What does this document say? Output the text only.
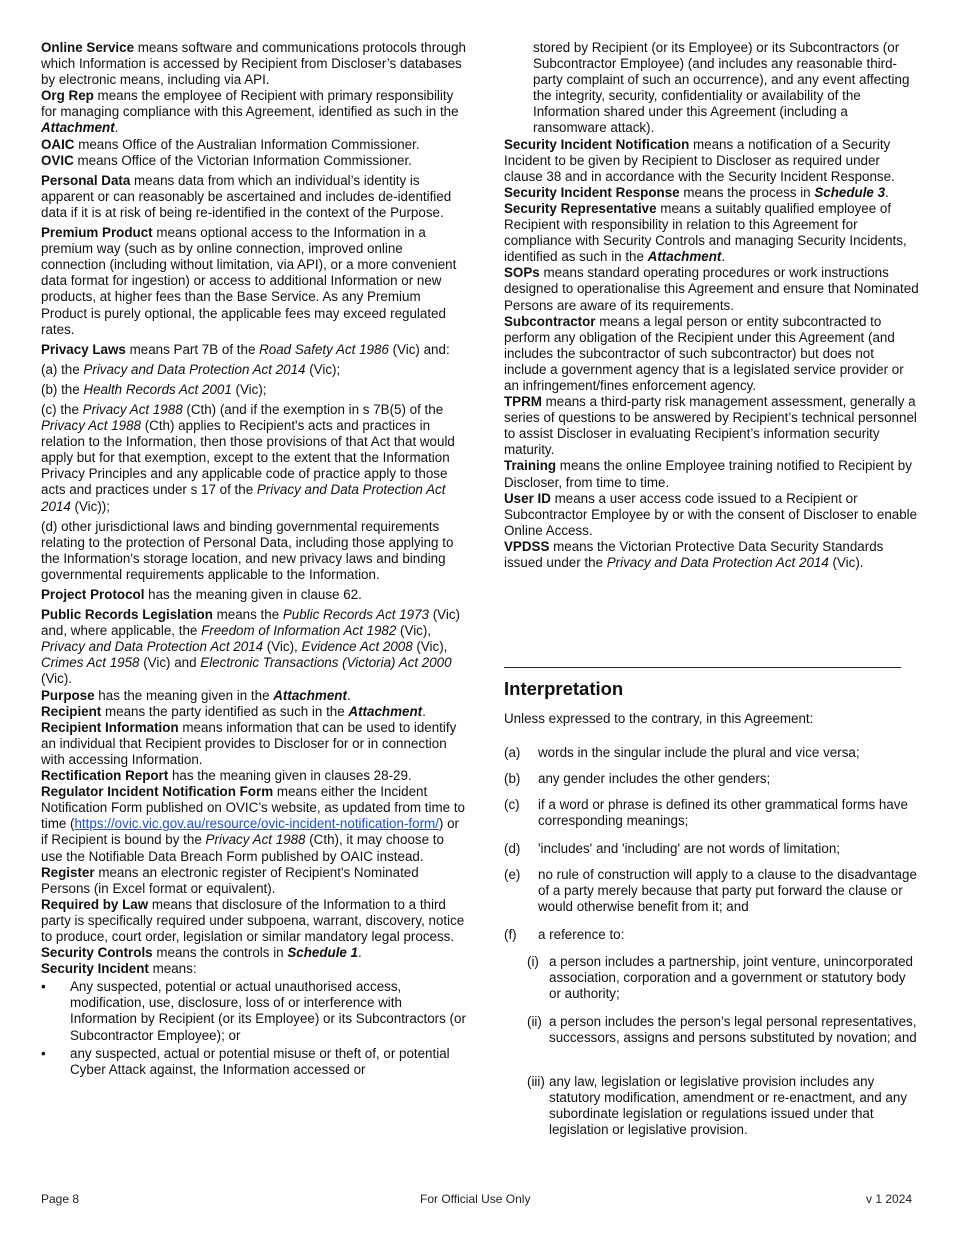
Online Service means software and communications protocols through which Information is accessed by Recipient from Discloser’s databases by electronic means, including via API.

Org Rep means the employee of Recipient with primary responsibility for managing compliance with this Agreement, identified as such in the Attachment.

OAIC means Office of the Australian Information Commissioner.

OVIC means Office of the Victorian Information Commissioner.

Personal Data means data from which an individual’s identity is apparent or can reasonably be ascertained and includes de-identified data if it is at risk of being re-identified in the context of the Purpose.

Premium Product means optional access to the Information in a premium way (such as by online connection, improved online connection (including without limitation, via API), or a more convenient data format for ingestion) or access to additional Information or new products, at higher fees than the Base Service. As any Premium Product is purely optional, the applicable fees may exceed regulated rates.

Privacy Laws means Part 7B of the Road Safety Act 1986 (Vic) and:

(a) the Privacy and Data Protection Act 2014 (Vic);

(b) the Health Records Act 2001 (Vic);

(c) the Privacy Act 1988 (Cth) (and if the exemption in s 7B(5) of the Privacy Act 1988 (Cth) applies to Recipient's acts and practices in relation to the Information, then those provisions of that Act that would apply but for that exemption, except to the extent that the Information Privacy Principles and any applicable code of practice apply to those acts and practices under s 17 of the Privacy and Data Protection Act 2014 (Vic));

(d) other jurisdictional laws and binding governmental requirements relating to the protection of Personal Data, including those applying to the Information's storage location, and new privacy laws and binding governmental requirements applicable to the Information.

Project Protocol has the meaning given in clause 62.

Public Records Legislation means the Public Records Act 1973 (Vic) and, where applicable, the Freedom of Information Act 1982 (Vic), Privacy and Data Protection Act 2014 (Vic), Evidence Act 2008 (Vic), Crimes Act 1958 (Vic) and Electronic Transactions (Victoria) Act 2000 (Vic).

Purpose has the meaning given in the Attachment.

Recipient means the party identified as such in the Attachment.

Recipient Information means information that can be used to identify an individual that Recipient provides to Discloser for or in connection with accessing Information.

Rectification Report has the meaning given in clauses 28-29.

Regulator Incident Notification Form means either the Incident Notification Form published on OVIC’s website, as updated from time to time (https://ovic.vic.gov.au/resource/ovic-incident-notification-form/) or if Recipient is bound by the Privacy Act 1988 (Cth), it may choose to use the Notifiable Data Breach Form published by OAIC instead.

Register means an electronic register of Recipient's Nominated Persons (in Excel format or equivalent).

Required by Law means that disclosure of the Information to a third party is specifically required under subpoena, warrant, discovery, notice to produce, court order, legislation or similar mandatory legal process.

Security Controls means the controls in Schedule 1.

Security Incident means:

• Any suspected, potential or actual unauthorised access, modification, use, disclosure, loss of or interference with Information by Recipient (or its Employee) or its Subcontractors (or Subcontractor Employee); or
• any suspected, actual or potential misuse or theft of, or potential Cyber Attack against, the Information accessed or

stored by Recipient (or its Employee) or its Subcontractors (or Subcontractor Employee) (and includes any reasonable third-party complaint of such an occurrence), and any event affecting the integrity, security, confidentiality or availability of the Information shared under this Agreement (including a ransomware attack).

Security Incident Notification means a notification of a Security Incident to be given by Recipient to Discloser as required under clause 38 and in accordance with the Security Incident Response.

Security Incident Response means the process in Schedule 3.

Security Representative means a suitably qualified employee of Recipient with responsibility in relation to this Agreement for compliance with Security Controls and managing Security Incidents, identified as such in the Attachment.

SOPs means standard operating procedures or work instructions designed to operationalise this Agreement and ensure that Nominated Persons are aware of its requirements.

Subcontractor means a legal person or entity subcontracted to perform any obligation of the Recipient under this Agreement (and includes the subcontractor of such subcontractor) but does not include a government agency that is a legislated service provider or an infringement/fines enforcement agency.

TPRM means a third-party risk management assessment, generally a series of questions to be answered by Recipient’s technical personnel to assist Discloser in evaluating Recipient’s information security maturity.

Training means the online Employee training notified to Recipient by Discloser, from time to time.

User ID means a user access code issued to a Recipient or Subcontractor Employee by or with the consent of Discloser to enable Online Access.

VPDSS means the Victorian Protective Data Security Standards issued under the Privacy and Data Protection Act 2014 (Vic).

Interpretation
Unless expressed to the contrary, in this Agreement:
(a) words in the singular include the plural and vice versa;
(b) any gender includes the other genders;
(c) if a word or phrase is defined its other grammatical forms have corresponding meanings;
(d) 'includes' and 'including' are not words of limitation;
(e) no rule of construction will apply to a clause to the disadvantage of a party merely because that party put forward the clause or would otherwise benefit from it; and
(f) a reference to:
(i) a person includes a partnership, joint venture, unincorporated association, corporation and a government or statutory body or authority;
(ii) a person includes the person’s legal personal representatives, successors, assigns and persons substituted by novation; and
(iii) any law, legislation or legislative provision includes any statutory modification, amendment or re-enactment, and any subordinate legislation or regulations issued under that legislation or legislative provision.
Page 8	For Official Use Only	v 1 2024
